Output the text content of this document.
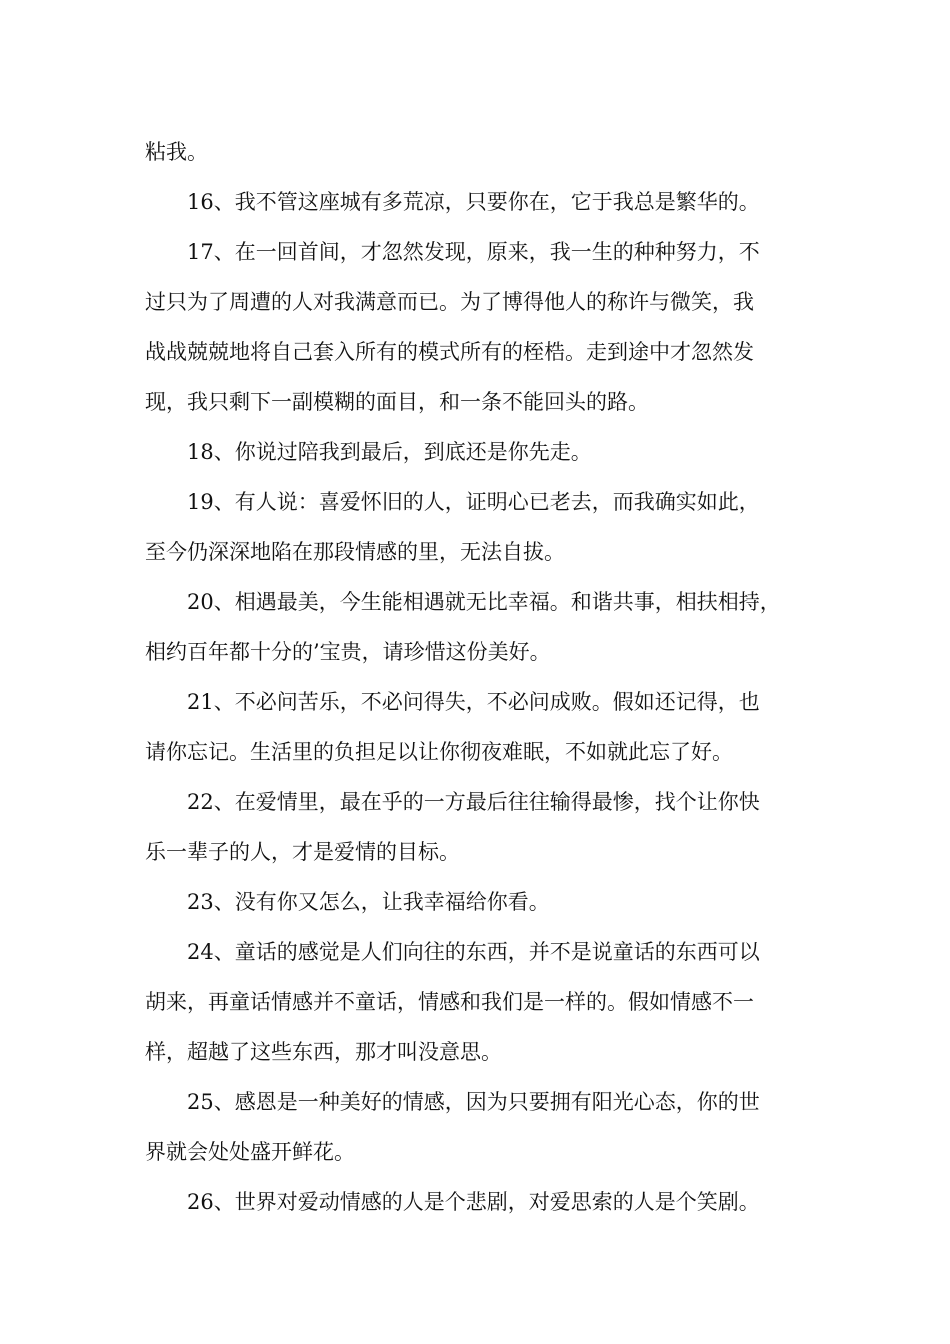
粘我。
16、我不管这座城有多荒凉，只要你在，它于我总是繁华的。
17、在一回首间，才忽然发现，原来，我一生的种种努力，不
过只为了周遭的人对我满意而已。为了博得他人的称许与微笑，我
战战兢兢地将自己套入所有的模式所有的桎梏。走到途中才忽然发
现，我只剩下一副模糊的面目，和一条不能回头的路。
18、你说过陪我到最后，到底还是你先走。
19、有人说：喜爱怀旧的人，证明心已老去，而我确实如此，
至今仍深深地陷在那段情感的里，无法自拔。
20、相遇最美，今生能相遇就无比幸福。和谐共事，相扶相持，
相约百年都十分的’宝贵，请珍惜这份美好。
21、不必问苦乐，不必问得失，不必问成败。假如还记得，也
请你忘记。生活里的负担足以让你彻夜难眠，不如就此忘了好。
22、在爱情里，最在乎的一方最后往往输得最惨，找个让你快
乐一辈子的人，才是爱情的目标。
23、没有你又怎么，让我幸福给你看。
24、童话的感觉是人们向往的东西，并不是说童话的东西可以
胡来，再童话情感并不童话，情感和我们是一样的。假如情感不一
样，超越了这些东西，那才叫没意思。
25、感恩是一种美好的情感，因为只要拥有阳光心态，你的世
界就会处处盛开鲜花。
26、世界对爱动情感的人是个悲剧，对爱思索的人是个笑剧。
